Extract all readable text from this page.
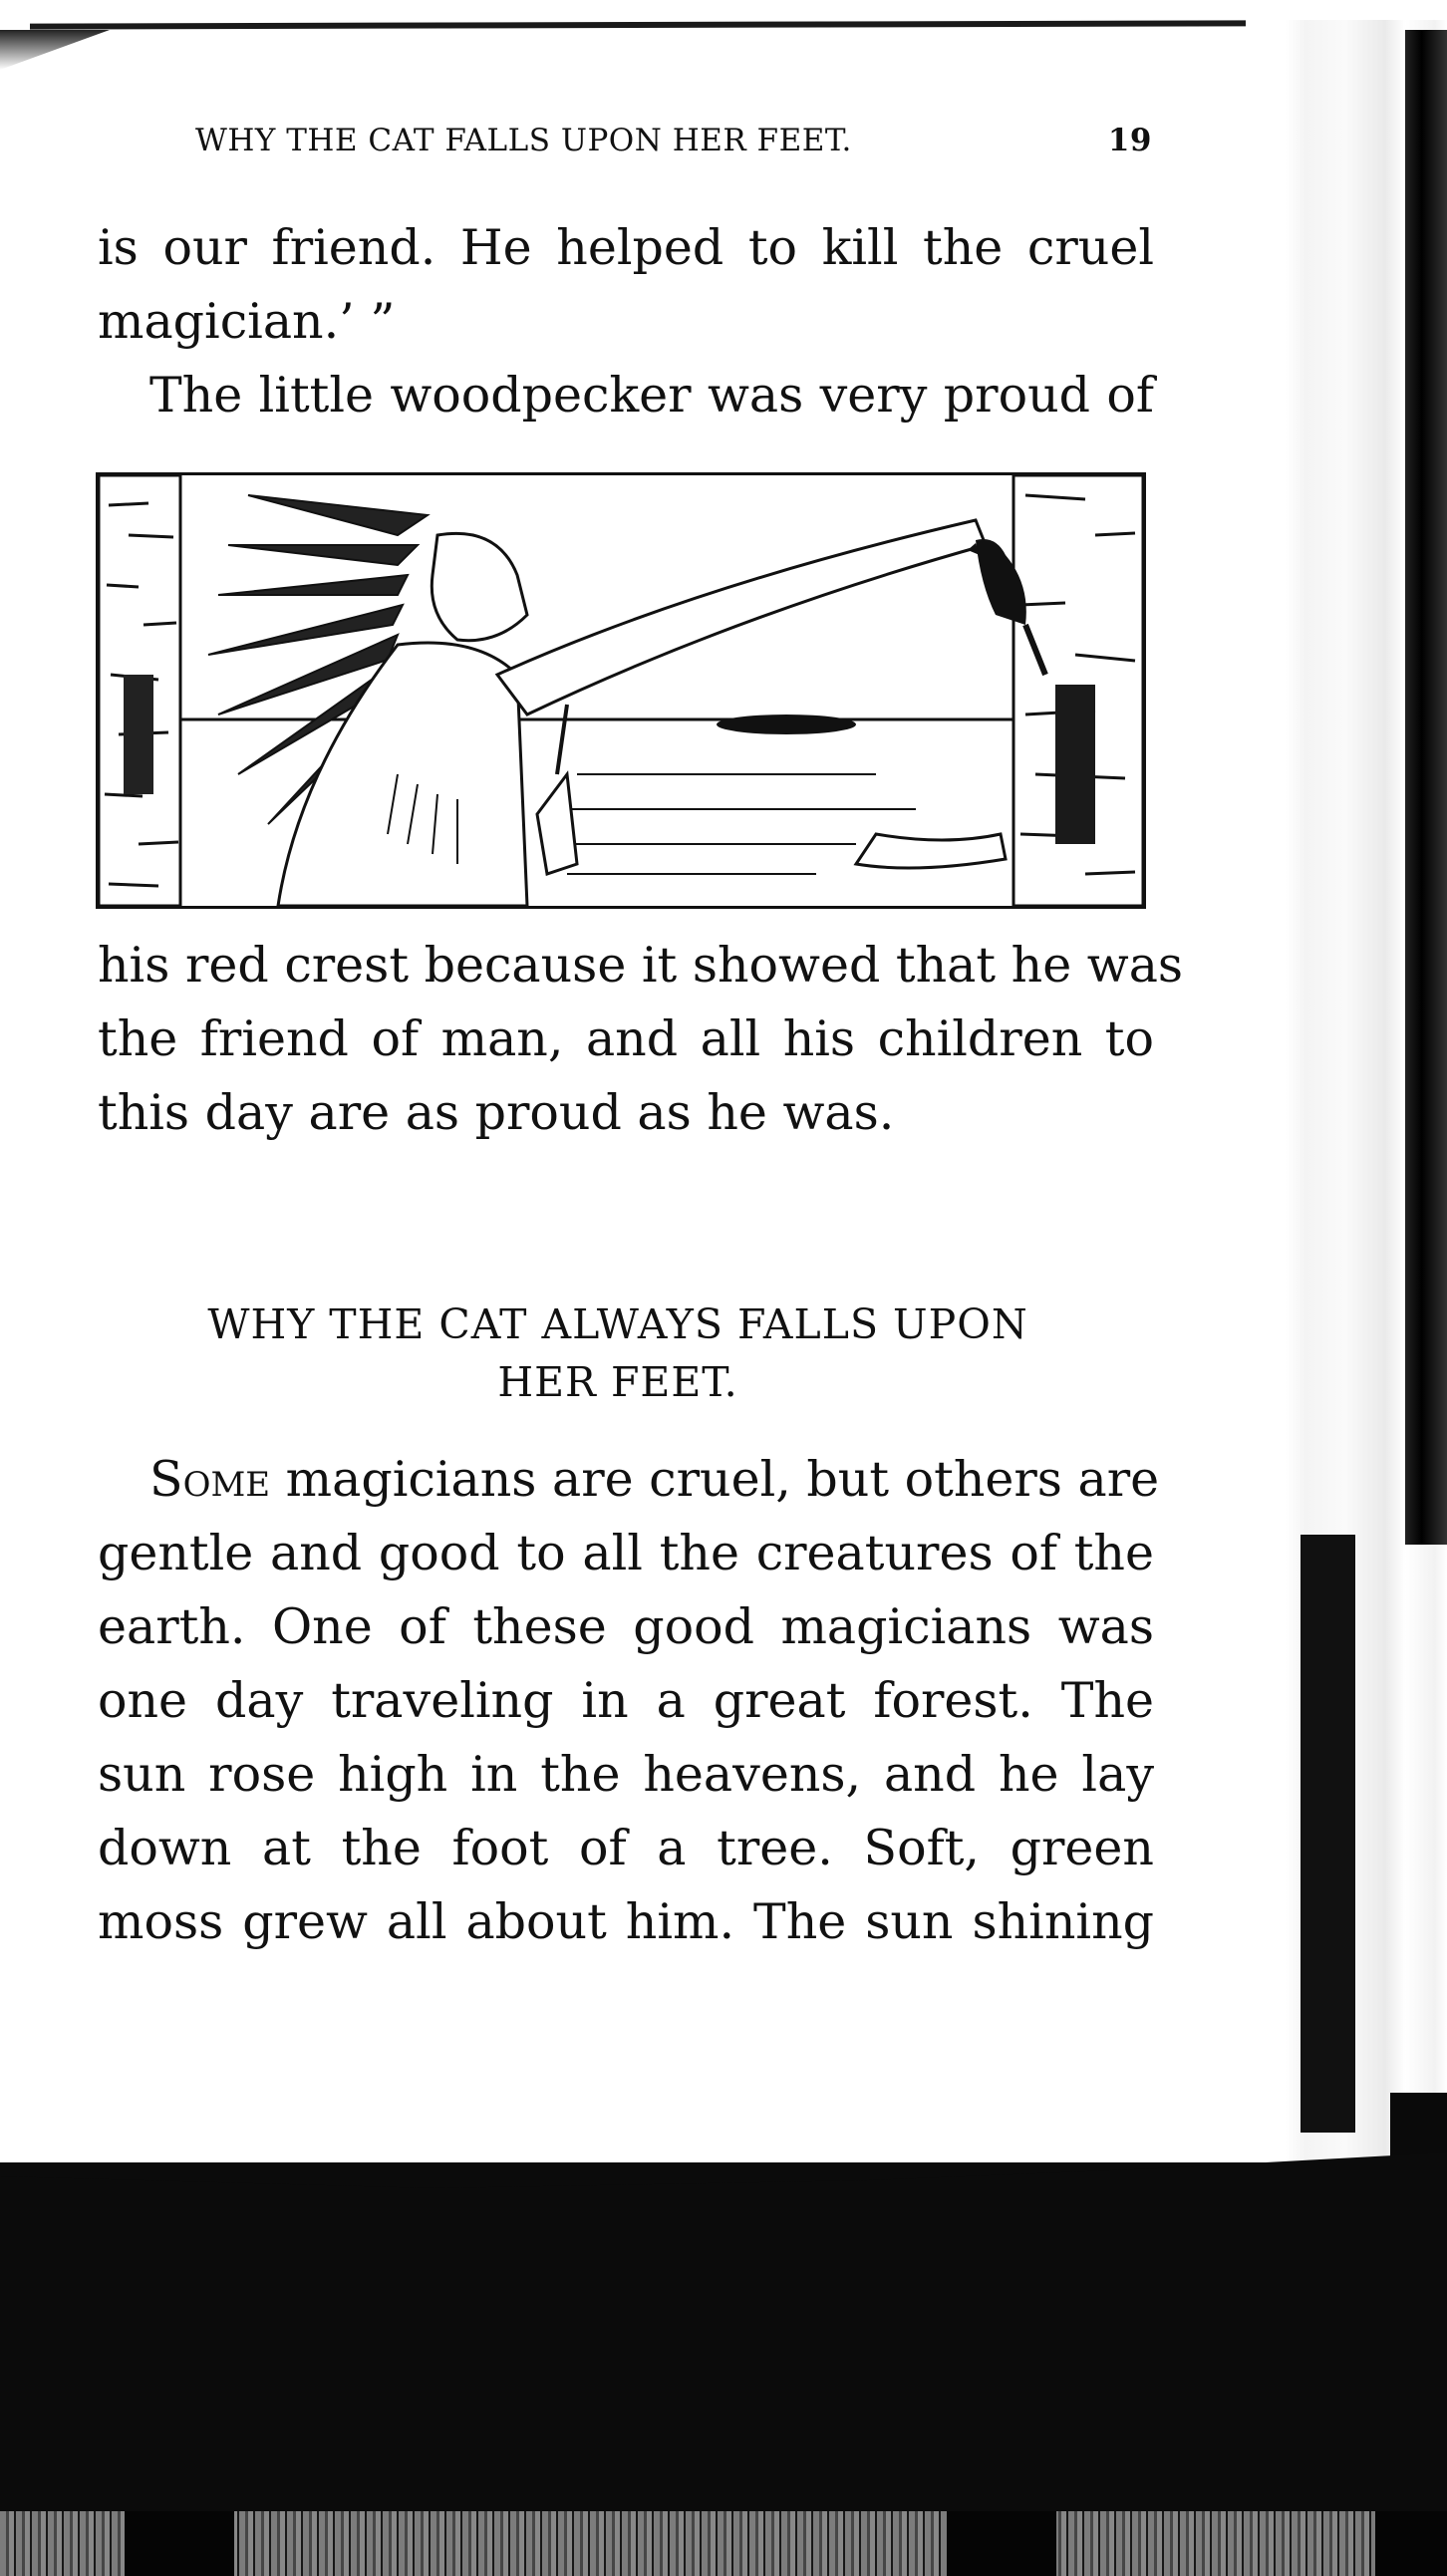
WHY THE CAT FALLS UPON HER FEET.	19
is our friend. He helped to kill the cruel
magician.’ ”
The little woodpecker was very proud of
his red crest because it showed that he was
the friend of man, and all his children to
this day are as proud as he was.
WHY THE CAT ALWAYS FALLS UPON
HER FEET.
Some magicians are cruel, but others are
gentle and good to all the creatures of the
earth. One of these good magicians was
one day traveling in a great forest. The
sun rose high in the heavens, and he lay
down at the foot of a tree. Soft, green
moss grew all about him. The sun shining
